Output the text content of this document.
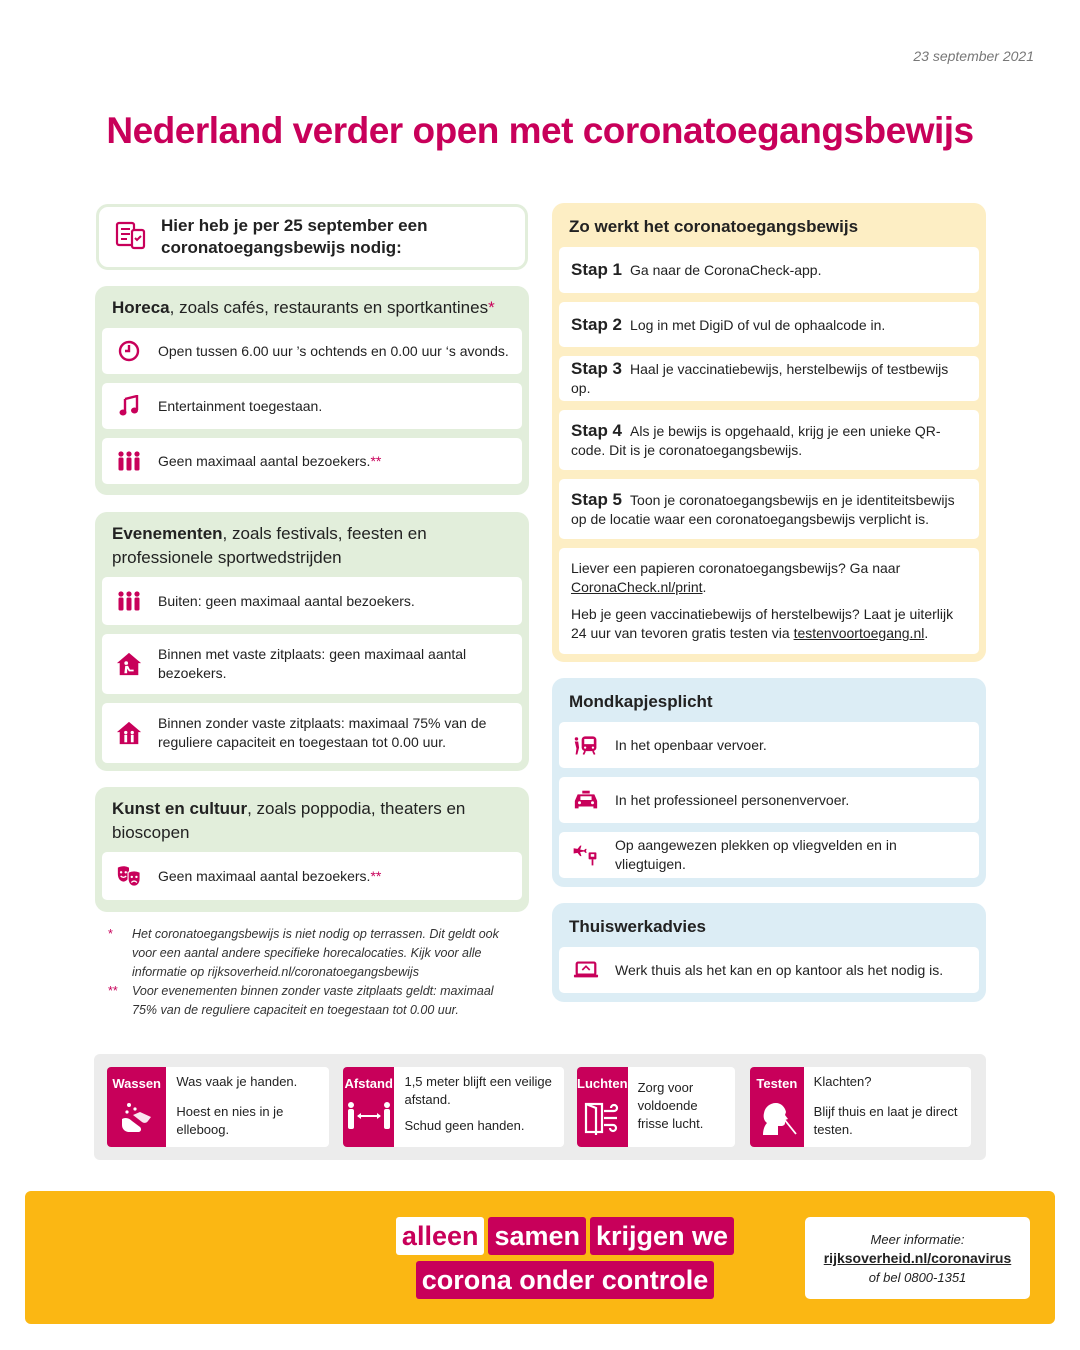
23 september 2021
Nederland verder open met coronatoegangsbewijs
Hier heb je per 25 september een
coronatoegangsbewijs nodig:
Horeca, zoals cafés, restaurants en sportkantines*
Open tussen 6.00 uur ’s ochtends en 0.00 uur ‘s avonds.
Entertainment toegestaan.
Geen maximaal aantal bezoekers.**
Evenementen, zoals festivals, feesten en professionele sportwedstrijden
Buiten: geen maximaal aantal bezoekers.
Binnen met vaste zitplaats: geen maximaal aantal bezoekers.
Binnen zonder vaste zitplaats: maximaal 75% van de reguliere capaciteit en toegestaan tot 0.00 uur.
Kunst en cultuur, zoals poppodia, theaters en bioscopen
Geen maximaal aantal bezoekers.**
*	Het coronatoegangsbewijs is niet nodig op terrassen. Dit geldt ook voor een aantal andere specifieke horecalocaties. Kijk voor alle informatie op rijksoverheid.nl/coronatoegangsbewijs
**	Voor evenementen binnen zonder vaste zitplaats geldt: maximaal 75% van de reguliere capaciteit en toegestaan tot 0.00 uur.
Zo werkt het coronatoegangsbewijs
Stap 1 Ga naar de CoronaCheck-app.
Stap 2 Log in met DigiD of vul de ophaalcode in.
Stap 3 Haal je vaccinatiebewijs, herstelbewijs of testbewijs op.
Stap 4 Als je bewijs is opgehaald, krijg je een unieke QR-code. Dit is je coronatoegangsbewijs.
Stap 5 Toon je coronatoegangsbewijs en je identiteitsbewijs op de locatie waar een coronatoegangsbewijs verplicht is.
Liever een papieren coronatoegangsbewijs? Ga naar CoronaCheck.nl/print.
Heb je geen vaccinatiebewijs of herstelbewijs? Laat je uiterlijk 24 uur van tevoren gratis testen via testenvoortoegang.nl.
Mondkapjesplicht
In het openbaar vervoer.
In het professioneel personenvervoer.
Op aangewezen plekken op vliegvelden en in vliegtuigen.
Thuiswerkadvies
Werk thuis als het kan en op kantoor als het nodig is.
Wassen Was vaak je handen.

Hoest en nies in je elleboog.

Afstand 1,5 meter blijft een veilige afstand.

Schud geen handen.

Luchten Zorg voor voldoende frisse lucht.

Testen Klachten?

Blijf thuis en laat je direct testen.

alleen samen krijgen we
corona onder controle
Meer informatie:
rijksoverheid.nl/coronavirus
of bel 0800-1351
